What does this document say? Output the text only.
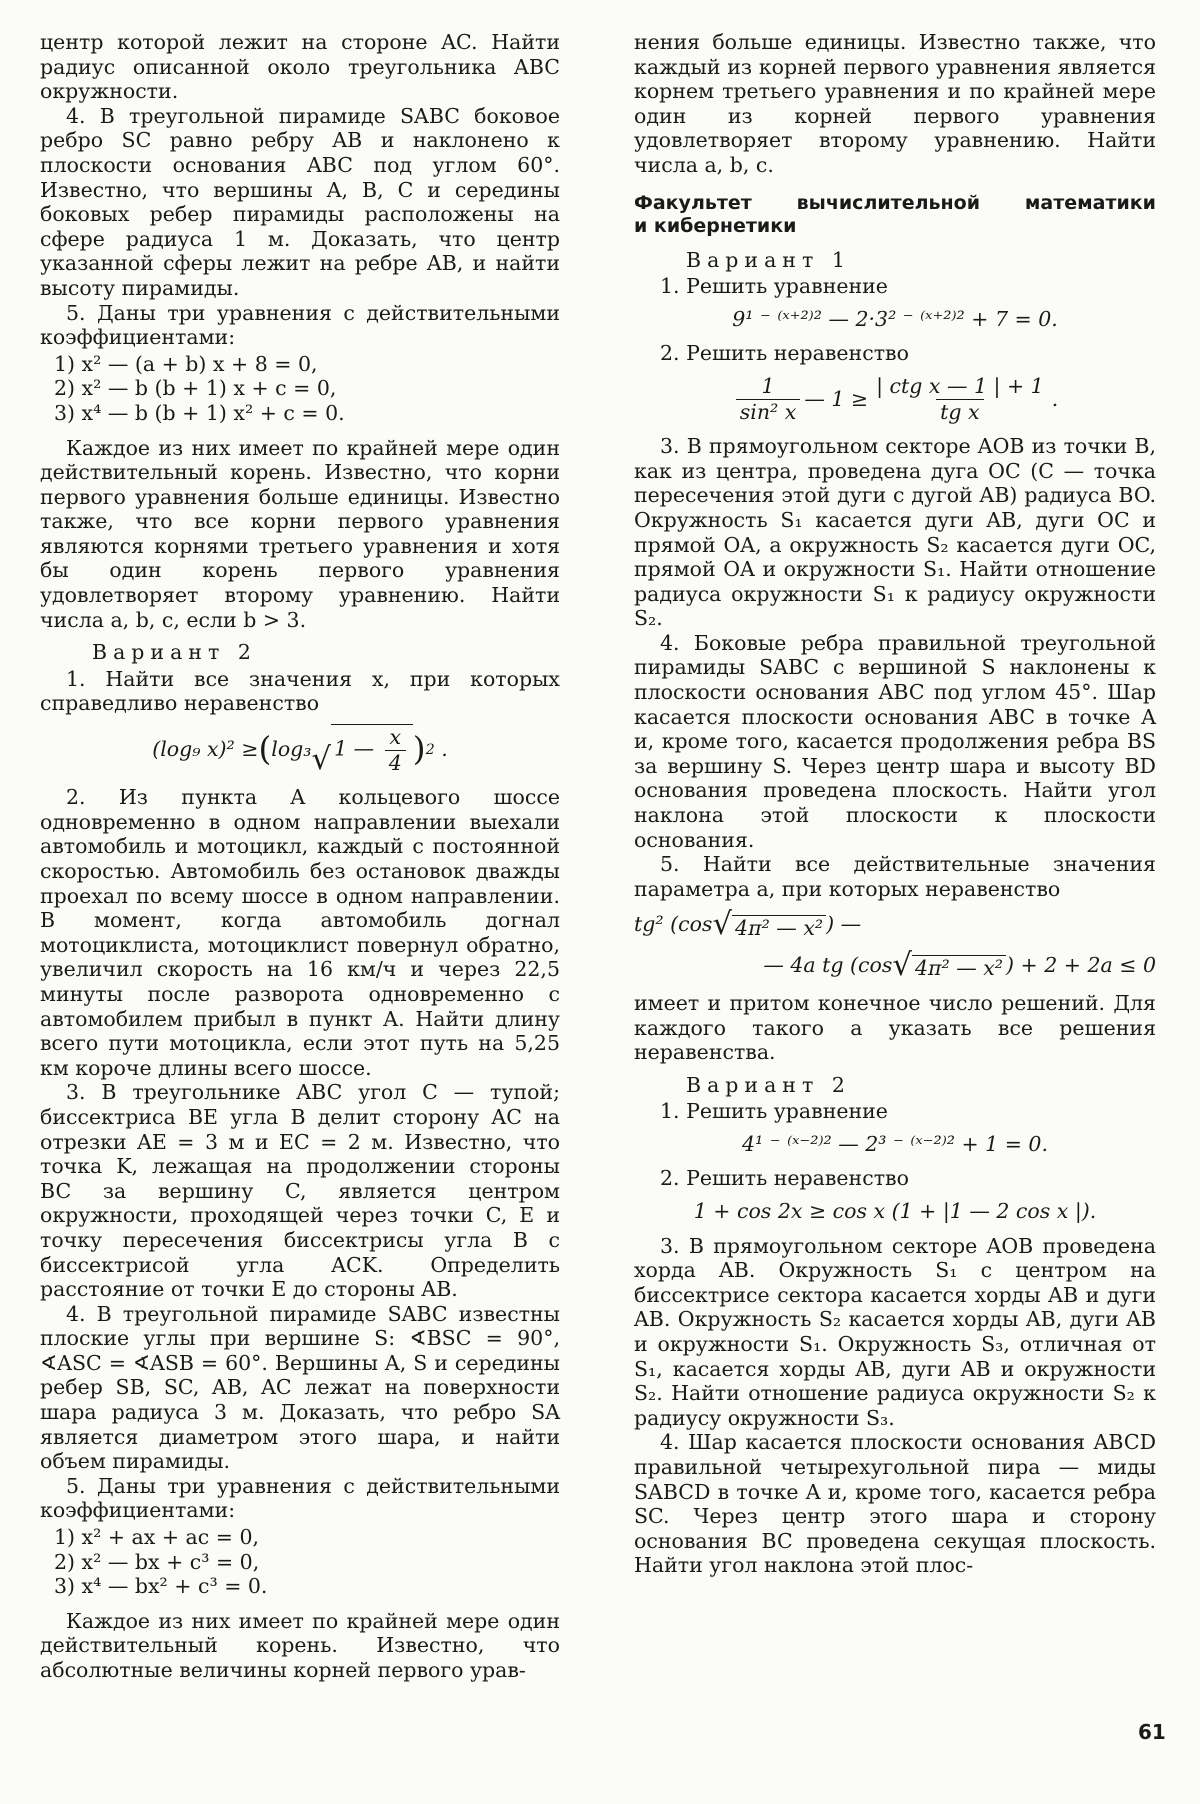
центр которой лежит на стороне AC. Найти радиус описанной около треугольника ABC окружности.

4. В треугольной пирамиде SABC боковое ребро SC равно ребру AB и наклонено к плоскости основания ABC под углом 60°. Известно, что вершины A, B, C и середины боковых ребер пирамиды расположены на сфере радиуса 1 м. Доказать, что центр указанной сферы лежит на ребре AB, и найти высоту пирамиды.

5. Даны три уравнения с действительными коэффициентами:

1) x² — (a + b) x + 8 = 0,
2) x² — b (b + 1) x + c = 0,
3) x⁴ — b (b + 1) x² + c = 0.

Каждое из них имеет по крайней мере один действительный корень. Известно, что корни первого уравнения больше единицы. Известно также, что все корни первого уравнения являются корнями третьего уравнения и хотя бы один корень первого уравнения удовлетворяет второму уравнению. Найти числа a, b, c, если b > 3.

Вариант 2

1. Найти все значения x, при которых справедливо неравенство

(log₉ x)² ≥ ( log₃ √ 1 — $\frac{x}{4}$ ) 2 .

2. Из пункта A кольцевого шоссе одновременно в одном направлении выехали автомобиль и мотоцикл, каждый с постоянной скоростью. Автомобиль без остановок дважды проехал по всему шоссе в одном направлении. В момент, когда автомобиль догнал мотоциклиста, мотоциклист повернул обратно, увеличил скорость на 16 км/ч и через 22,5 минуты после разворота одновременно с автомобилем прибыл в пункт A. Найти длину всего пути мотоцикла, если этот путь на 5,25 км короче длины всего шоссе.

3. В треугольнике ABC угол C — тупой; биссектриса BE угла B делит сторону AC на отрезки AE = 3 м и EC = 2 м. Известно, что точка K, лежащая на продолжении стороны BC за вершину C, является центром окружности, проходящей через точки C, E и точку пересечения биссектрисы угла B с биссектрисой угла ACK. Определить расстояние от точки E до стороны AB.

4. В треугольной пирамиде SABC известны плоские углы при вершине S: ∢BSC = 90°, ∢ASC = ∢ASB = 60°. Вершины A, S и середины ребер SB, SC, AB, AC лежат на поверхности шара радиуса 3 м. Доказать, что ребро SA является диаметром этого шара, и найти объем пирамиды.

5. Даны три уравнения с действительными коэффициентами:

1) x² + ax + ac = 0,
2) x² — bx + c³ = 0,
3) x⁴ — bx² + c³ = 0.

Каждое из них имеет по крайней мере один действительный корень. Известно, что абсолютные величины корней первого урав-

нения больше единицы. Известно также, что каждый из корней первого уравнения является корнем третьего уравнения и по крайней мере один из корней первого уравнения удовлетворяет второму уравнению. Найти числа a, b, c.

Факультет вычислительной математики
и кибернетики
Вариант 1

1. Решить уравнение

9¹ ⁻ ⁽ˣ⁺²⁾² — 2·3² ⁻ ⁽ˣ⁺²⁾² + 7 = 0.

2. Решить неравенство

$\frac{1}{\text{sin² x}}$ — $1 \ge \frac{\text{| ctg x — 1 | + 1}}{\text{tg x}}$ .

3. В прямоугольном секторе AOB из точки B, как из центра, проведена дуга OC (C — точка пересечения этой дуги с дугой AB) радиуса BO. Окружность S₁ касается дуги AB, дуги OC и прямой OA, а окружность S₂ касается дуги OC, прямой OA и окружности S₁. Найти отношение радиуса окружности S₁ к радиусу окружности S₂.

4. Боковые ребра правильной треугольной пирамиды SABC с вершиной S наклонены к плоскости основания ABC под углом 45°. Шар касается плоскости основания ABC в точке A и, кроме того, касается продолжения ребра BS за вершину S. Через центр шара и высоту BD основания проведена плоскость. Найти угол наклона этой плоскости к плоскости основания.

5. Найти все действительные значения параметра a, при которых неравенство

tg² (cos √ 4π² — x² ) —
— 4a tg (cos √ 4π² — x² ) + 2 + 2a ≤ 0

имеет и притом конечное число решений. Для каждого такого a указать все решения неравенства.

Вариант 2

1. Решить уравнение

4¹ ⁻ ⁽ˣ⁻²⁾² — 2³ ⁻ ⁽ˣ⁻²⁾² + 1 = 0.

2. Решить неравенство

1 + cos 2x ≥ cos x (1 + |1 — 2 cos x |).

3. В прямоугольном секторе AOB проведена хорда AB. Окружность S₁ с центром на биссектрисе сектора касается хорды AB и дуги AB. Окружность S₂ касается хорды AB, дуги AB и окружности S₁. Окружность S₃, отличная от S₁, касается хорды AB, дуги AB и окружности S₂. Найти отношение радиуса окружности S₂ к радиусу окружности S₃.

4. Шар касается плоскости основания ABCD правильной четырехугольной пира — миды SABCD в точке A и, кроме того, касается ребра SC. Через центр этого шара и сторону основания BC проведена секущая плоскость. Найти угол наклона этой плос-

61
